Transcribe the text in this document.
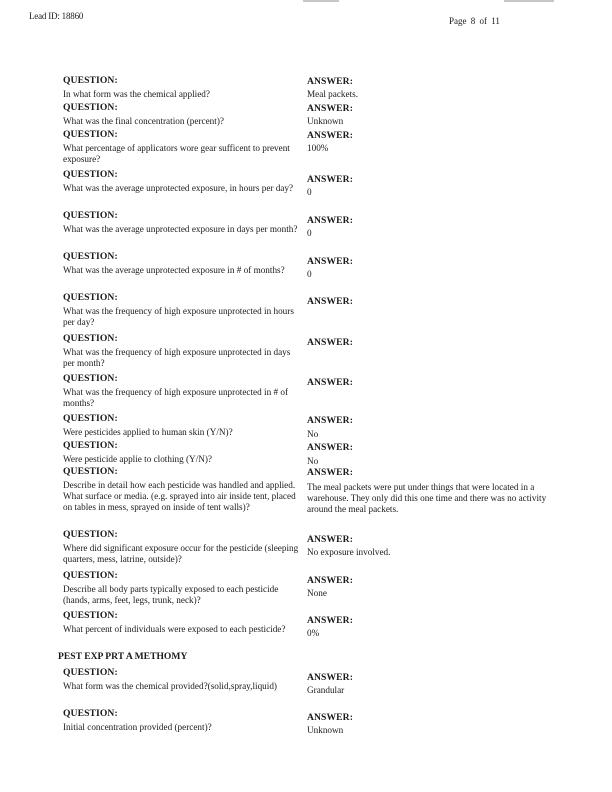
Lead ID: 18860	Page 8 of 11
QUESTION:	ANSWER:
In what form was the chemical applied?	Meal packets.
QUESTION:	ANSWER:
What was the final concentration (percent)?	Unknown
QUESTION:	ANSWER:
What percentage of applicators wore gear sufficent to prevent exposure?
100%
QUESTION:	ANSWER:
What was the average unprotected exposure, in hours per day?	0
QUESTION:	ANSWER:
What was the average unprotected exposure in days per month? 0
QUESTION:	ANSWER:
What was the average unprotected exposure in # of months?	0
QUESTION:	ANSWER:
What was the frequency of high exposure unprotected in hours per day?
QUESTION:	ANSWER:
What was the frequency of high exposure unprotected in days per month?
QUESTION:	ANSWER:
What was the frequency of high exposure unprotected in # of months?
QUESTION:	ANSWER:
Were pesticides applied to human skin (Y/N)?	No
QUESTION:	ANSWER:
Were pesticide applie to clothing (Y/N)?	No
QUESTION:	ANSWER:
Describe in detail how each pesticide was handled and applied. What surface or media. (e.g. sprayed into air inside tent, placed on tables in mess, sprayed on inside of tent walls)?
The meal packets were put under things that were located in a warehouse. They only did this one time and there was no activity around the meal packets.
QUESTION:	ANSWER:
Where did significant exposure occur for the pesticide (sleeping quarters, mess, latrine, outside)?
No exposure involved.
QUESTION:	ANSWER:
Describe all body parts typically exposed to each pesticide (hands, arms, feet, legs, trunk, neck)?
None
QUESTION:	ANSWER:
What percent of individuals were exposed to each pesticide?	0%
PEST EXP PRT A METHOMY
QUESTION:	ANSWER:
What form was the chemical provided?(solid,spray,liquid)	Grandular
QUESTION:	ANSWER:
Initial concentration provided (percent)?	Unknown
